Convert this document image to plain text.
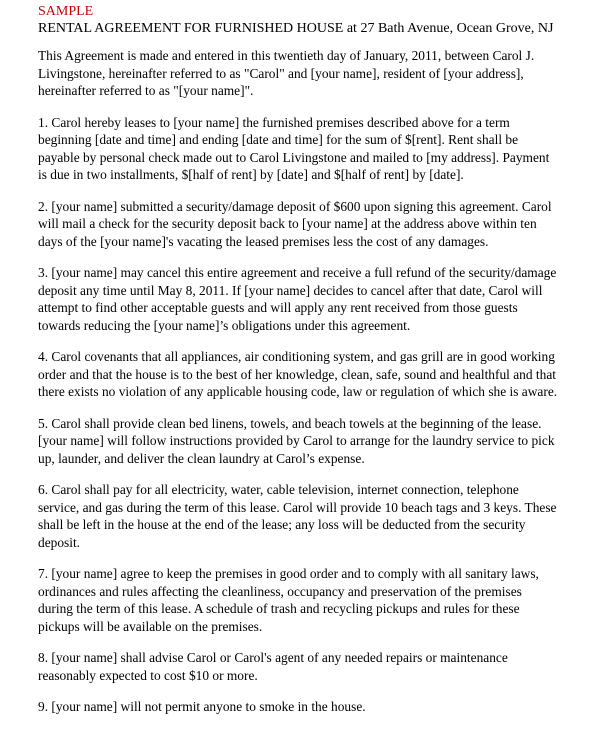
SAMPLE
RENTAL AGREEMENT FOR FURNISHED HOUSE at 27 Bath Avenue, Ocean Grove, NJ
This Agreement is made and entered in this twentieth day of January, 2011, between Carol J.
Livingstone, hereinafter referred to as "Carol" and [your name], resident of [your address],
hereinafter referred to as "[your name]".
1. Carol hereby leases to [your name] the furnished premises described above for a term
beginning [date and time] and ending [date and time] for the sum of $[rent]. Rent shall be
payable by personal check made out to Carol Livingstone and mailed to [my address]. Payment
is due in two installments, $[half of rent] by [date] and $[half of rent] by [date].
2. [your name] submitted a security/damage deposit of $600 upon signing this agreement. Carol
will mail a check for the security deposit back to [your name] at the address above within ten
days of the [your name]'s vacating the leased premises less the cost of any damages.
3. [your name] may cancel this entire agreement and receive a full refund of the security/damage
deposit any time until May 8, 2011. If [your name] decides to cancel after that date, Carol will
attempt to find other acceptable guests and will apply any rent received from those guests
towards reducing the [your name]’s obligations under this agreement.
4. Carol covenants that all appliances, air conditioning system, and gas grill are in good working
order and that the house is to the best of her knowledge, clean, safe, sound and healthful and that
there exists no violation of any applicable housing code, law or regulation of which she is aware.
5. Carol shall provide clean bed linens, towels, and beach towels at the beginning of the lease.
[your name] will follow instructions provided by Carol to arrange for the laundry service to pick
up, launder, and deliver the clean laundry at Carol’s expense.
6. Carol shall pay for all electricity, water, cable television, internet connection, telephone
service, and gas during the term of this lease. Carol will provide 10 beach tags and 3 keys. These
shall be left in the house at the end of the lease; any loss will be deducted from the security
deposit.
7. [your name] agree to keep the premises in good order and to comply with all sanitary laws,
ordinances and rules affecting the cleanliness, occupancy and preservation of the premises
during the term of this lease. A schedule of trash and recycling pickups and rules for these
pickups will be available on the premises.
8. [your name] shall advise Carol or Carol's agent of any needed repairs or maintenance
reasonably expected to cost $10 or more.
9. [your name] will not permit anyone to smoke in the house.
